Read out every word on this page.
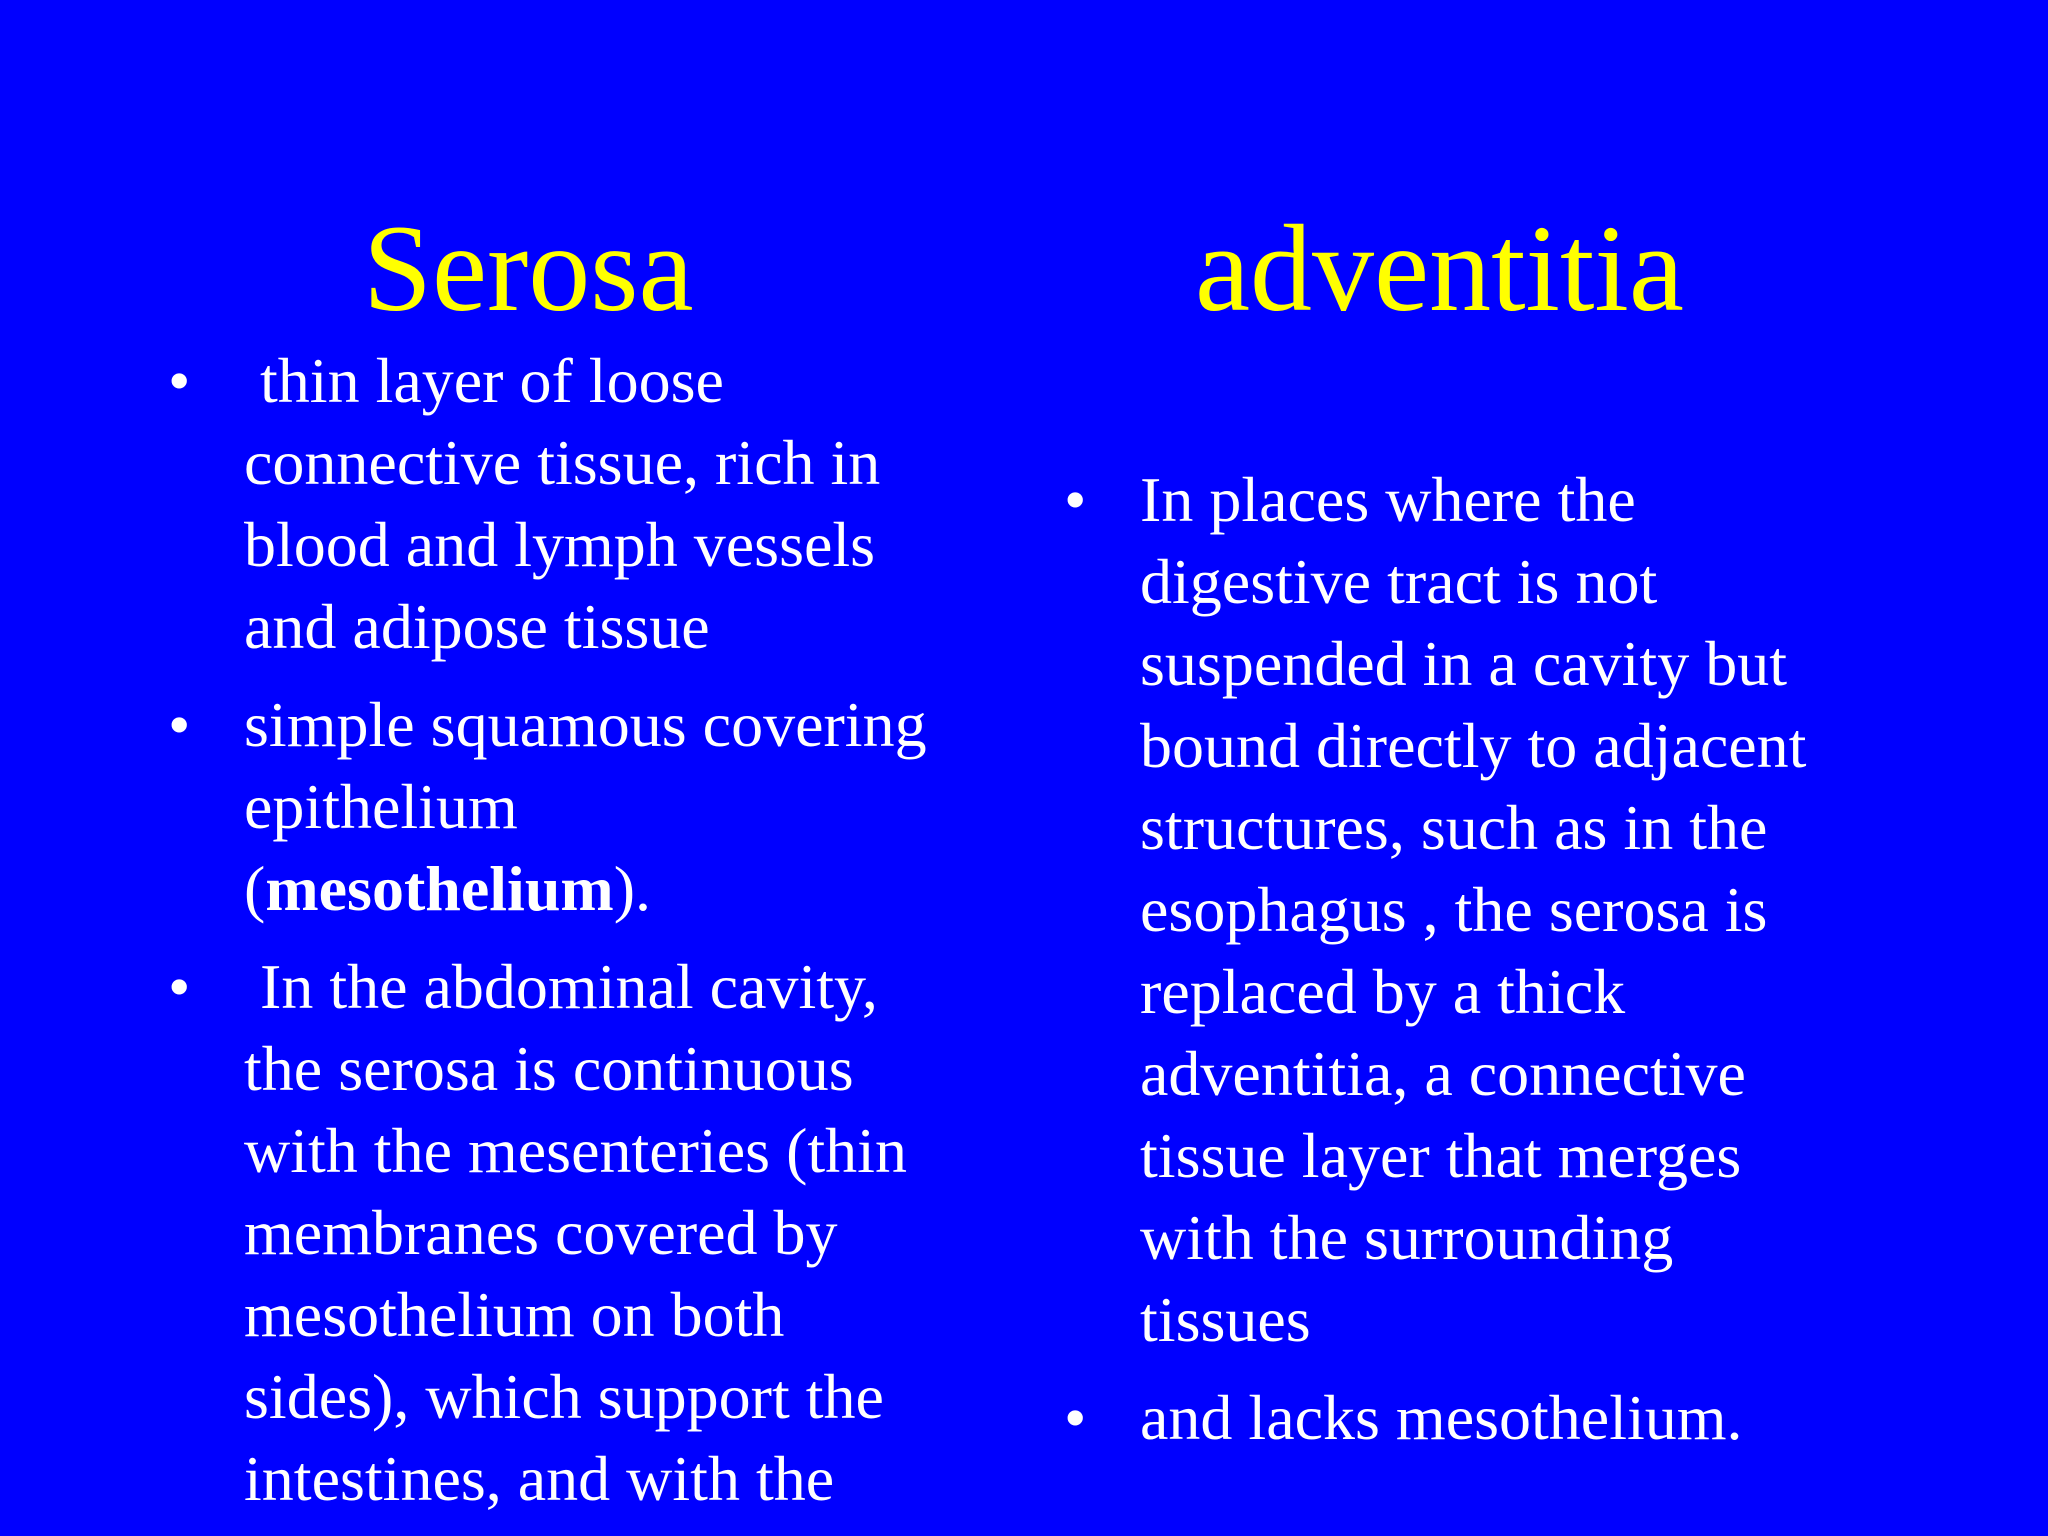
Serosa	adventitia
• thin layer of loose
connective tissue, rich in
blood and lymph vessels
and adipose tissue
• simple squamous covering
epithelium
(mesothelium).
• In the abdominal cavity,
the serosa is continuous
with the mesenteries (thin
membranes covered by
mesothelium on both
sides), which support the
intestines, and with the
• In places where the
digestive tract is not
suspended in a cavity but
bound directly to adjacent
structures, such as in the
esophagus , the serosa is
replaced by a thick
adventitia, a connective
tissue layer that merges
with the surrounding
tissues
• and lacks mesothelium.
